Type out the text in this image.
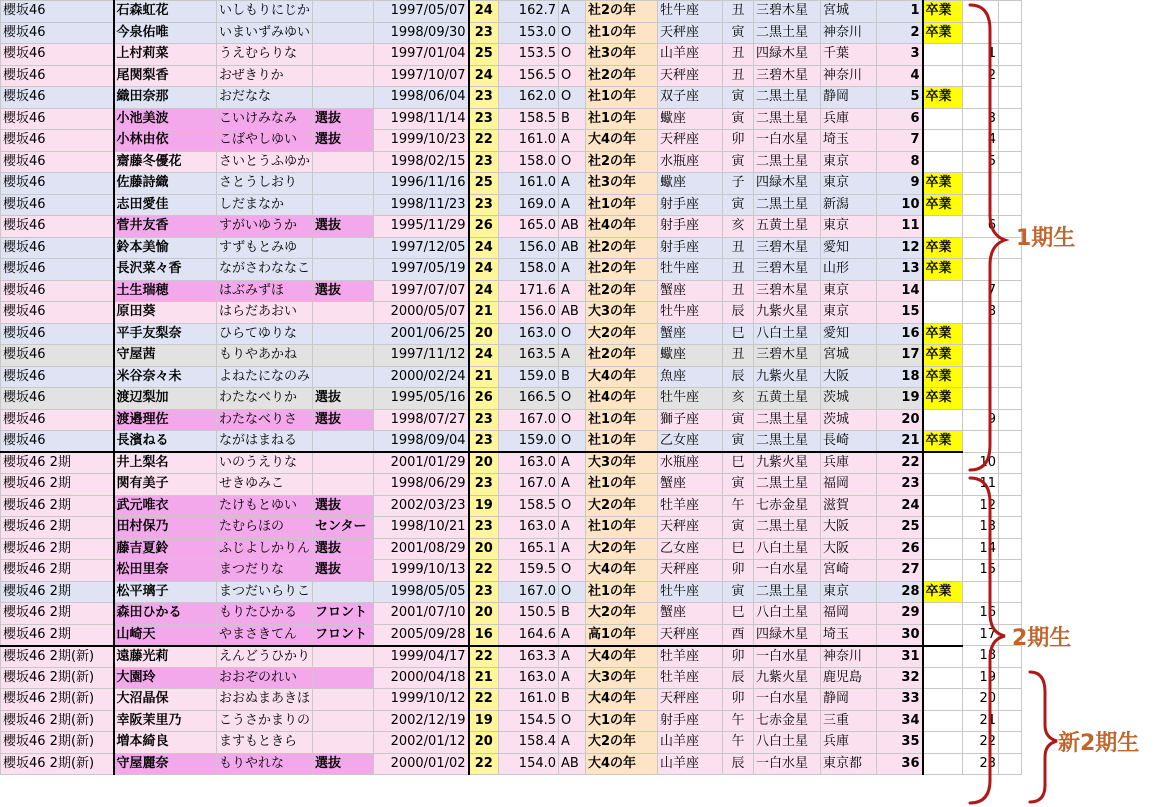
櫻坂46	石森虹花	いしもりにじか		1997/05/07	24	162.7	A	社2の年	牡牛座	丑	三碧木星	宮城	1	卒業		
櫻坂46	今泉佑唯	いまいずみゆい		1998/09/30	23	153.0	O	社1の年	天秤座	寅	二黒土星	神奈川	2	卒業		
櫻坂46	上村莉菜	うえむらりな		1997/01/04	25	153.5	O	社3の年	山羊座	丑	四緑木星	千葉	3		1	
櫻坂46	尾関梨香	おぜきりか		1997/10/07	24	156.5	O	社2の年	天秤座	丑	三碧木星	神奈川	4		2	
櫻坂46	織田奈那	おだなな		1998/06/04	23	162.0	O	社1の年	双子座	寅	二黒土星	静岡	5	卒業		
櫻坂46	小池美波	こいけみなみ	選抜	1998/11/14	23	158.5	B	社1の年	蠍座	寅	二黒土星	兵庫	6		3	
櫻坂46	小林由依	こばやしゆい	選抜	1999/10/23	22	161.0	A	大4の年	天秤座	卯	一白水星	埼玉	7		4	
櫻坂46	齋藤冬優花	さいとうふゆか		1998/02/15	23	158.0	O	社2の年	水瓶座	寅	二黒土星	東京	8		5	
櫻坂46	佐藤詩織	さとうしおり		1996/11/16	25	161.0	A	社3の年	蠍座	子	四緑木星	東京	9	卒業		
櫻坂46	志田愛佳	しだまなか		1998/11/23	23	169.0	A	社1の年	射手座	寅	二黒土星	新潟	10	卒業		
櫻坂46	菅井友香	すがいゆうか	選抜	1995/11/29	26	165.0	AB	社4の年	射手座	亥	五黄土星	東京	11		6	
櫻坂46	鈴本美愉	すずもとみゆ		1997/12/05	24	156.0	AB	社2の年	射手座	丑	三碧木星	愛知	12	卒業		
櫻坂46	長沢菜々香	ながさわななこ		1997/05/19	24	158.0	A	社2の年	牡牛座	丑	三碧木星	山形	13	卒業		
櫻坂46	土生瑞穂	はぶみずほ	選抜	1997/07/07	24	171.6	A	社2の年	蟹座	丑	三碧木星	東京	14		7	
櫻坂46	原田葵	はらだあおい		2000/05/07	21	156.0	AB	大3の年	牡牛座	辰	九紫火星	東京	15		8	
櫻坂46	平手友梨奈	ひらてゆりな		2001/06/25	20	163.0	O	大2の年	蟹座	巳	八白土星	愛知	16	卒業		
櫻坂46	守屋茜	もりやあかね		1997/11/12	24	163.5	A	社2の年	蠍座	丑	三碧木星	宮城	17	卒業		
櫻坂46	米谷奈々未	よねたになのみ		2000/02/24	21	159.0	B	大4の年	魚座	辰	九紫火星	大阪	18	卒業		
櫻坂46	渡辺梨加	わたなべりか	選抜	1995/05/16	26	166.5	O	社4の年	牡牛座	亥	五黄土星	茨城	19	卒業		
櫻坂46	渡邉理佐	わたなべりさ	選抜	1998/07/27	23	167.0	O	社1の年	獅子座	寅	二黒土星	茨城	20		9	
櫻坂46	長濱ねる	ながはまねる		1998/09/04	23	159.0	O	社1の年	乙女座	寅	二黒土星	長崎	21	卒業		
櫻坂46 2期	井上梨名	いのうえりな		2001/01/29	20	163.0	A	大3の年	水瓶座	巳	九紫火星	兵庫	22		10	
櫻坂46 2期	関有美子	せきゆみこ		1998/06/29	23	167.0	A	社1の年	蟹座	寅	二黒土星	福岡	23		11	
櫻坂46 2期	武元唯衣	たけもとゆい	選抜	2002/03/23	19	158.5	O	大2の年	牡羊座	午	七赤金星	滋賀	24		12	
櫻坂46 2期	田村保乃	たむらほの	センター	1998/10/21	23	163.0	A	社1の年	天秤座	寅	二黒土星	大阪	25		13	
櫻坂46 2期	藤吉夏鈴	ふじよしかりん	選抜	2001/08/29	20	165.1	A	大2の年	乙女座	巳	八白土星	大阪	26		14	
櫻坂46 2期	松田里奈	まつだりな	選抜	1999/10/13	22	159.5	O	大4の年	天秤座	卯	一白水星	宮崎	27		15	
櫻坂46 2期	松平璃子	まつだいらりこ		1998/05/05	23	167.0	O	社1の年	牡牛座	寅	二黒土星	東京	28	卒業		
櫻坂46 2期	森田ひかる	もりたひかる	フロント	2001/07/10	20	150.5	B	大2の年	蟹座	巳	八白土星	福岡	29		16	
櫻坂46 2期	山崎天	やまさきてん	フロント	2005/09/28	16	164.6	A	高1の年	天秤座	酉	四緑木星	埼玉	30		17	
櫻坂46 2期(新)	遠藤光莉	えんどうひかり		1999/04/17	22	163.3	A	大4の年	牡羊座	卯	一白水星	神奈川	31		18	
櫻坂46 2期(新)	大園玲	おおぞのれい		2000/04/18	21	163.0	A	大3の年	牡羊座	辰	九紫火星	鹿児島	32		19	
櫻坂46 2期(新)	大沼晶保	おおぬまあきほ		1999/10/12	22	161.0	B	大4の年	天秤座	卯	一白水星	静岡	33		20	
櫻坂46 2期(新)	幸阪茉里乃	こうさかまりの		2002/12/19	19	154.5	O	大1の年	射手座	午	七赤金星	三重	34		21	
櫻坂46 2期(新)	増本綺良	ますもときら		2002/01/12	20	158.4	A	大2の年	山羊座	午	八白土星	兵庫	35		22	
櫻坂46 2期(新)	守屋麗奈	もりやれな	選抜	2000/01/02	22	154.0	AB	大4の年	山羊座	辰	一白水星	東京都	36		23	
1期生
2期生
新2期生
